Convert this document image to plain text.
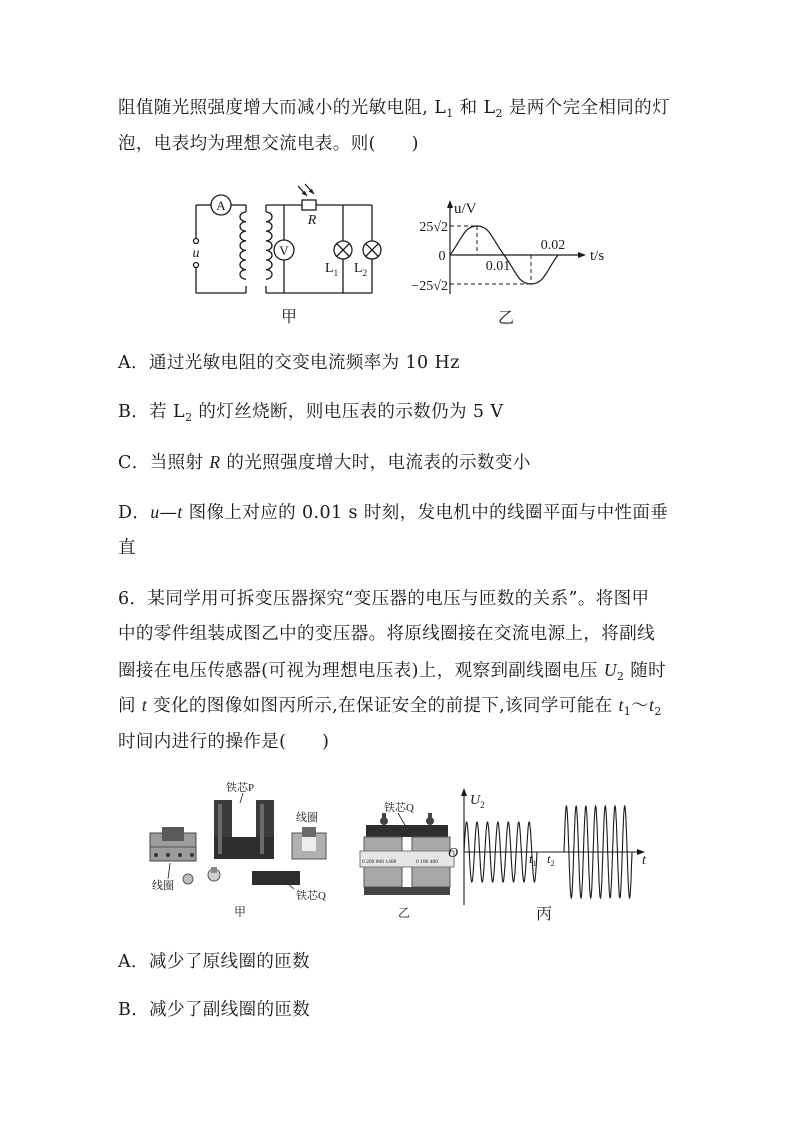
阻值随光照强度增大而减小的光敏电阻, $L_1$ 和 $L_2$ 是两个完全相同的灯
泡，电表均为理想交流电表。则(　　)
A
u	V
R
$L_1$ $L_2$
甲
u/V
t/s
25√2
−25√2
0
0.01
0.02
乙
A．通过光敏电阻的交变电流频率为 10 Hz
B．若 $L_2$ 的灯丝烧断，则电压表的示数仍为 5 V
C．当照射 R 的光照强度增大时，电流表的示数变小
D．u—t 图像上对应的 0.01 s 时刻，发电机中的线圈平面与中性面垂
直
6．某同学用可拆变压器探究“变压器的电压与匝数的关系”。将图甲
中的零件组装成图乙中的变压器。将原线圈接在交流电源上，将副线
圈接在电压传感器(可视为理想电压表)上，观察到副线圈电压 $U_2$ 随时
间 t 变化的图像如图丙所示,在保证安全的前提下,该同学可能在 $t_1\sim t_2$
时间内进行的操作是(　　)
铁芯P
线圈
线圈
铁芯Q
甲
0 200 800 1400	0 100 400
铁芯Q
乙
$U_2$
O	t
$t_1$ $t_2$
丙
A．减少了原线圈的匝数
B．减少了副线圈的匝数
